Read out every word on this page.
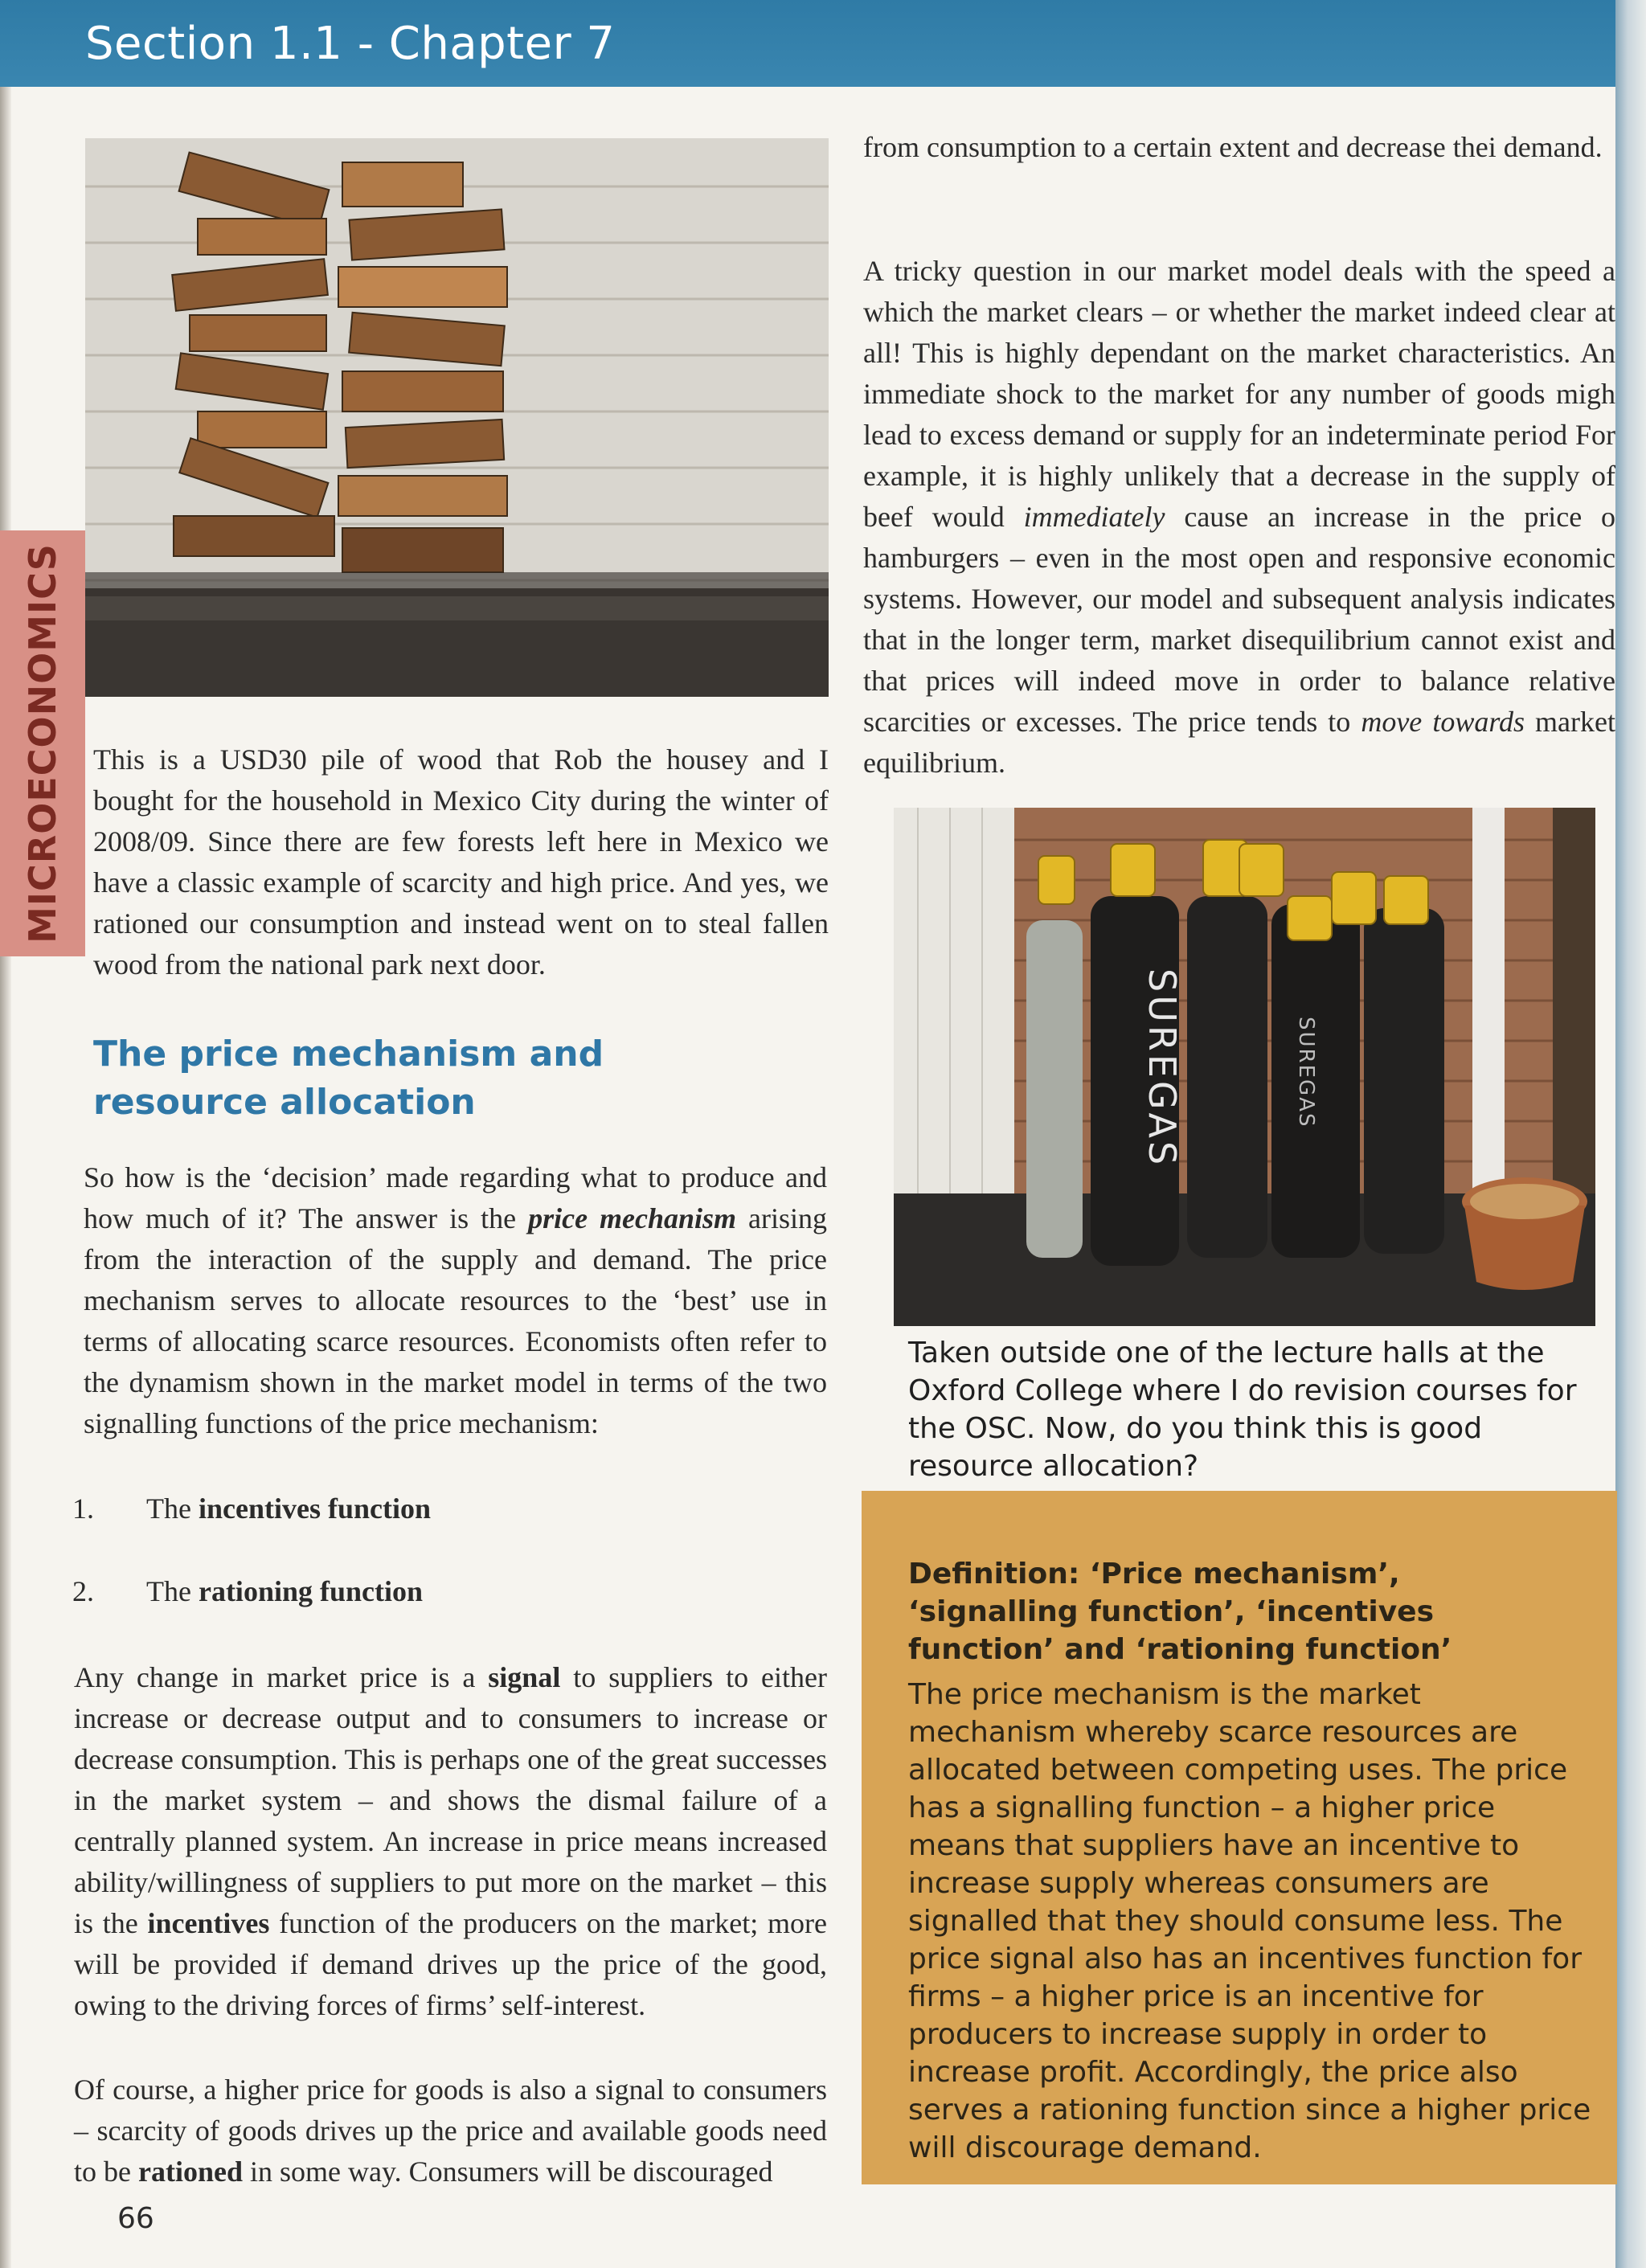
Section 1.1 - Chapter 7
MICROECONOMICS This is a USD30 pile of wood that Rob the housey and I bought for the household in Mexico City during the winter of 2008/09. Since there are few forests left here in Mexico we have a classic example of scarcity and high price. And yes, we rationed our consumption and instead went on to steal fallen wood from the national park next door.
The price mechanism and resource allocation
So how is the ‘decision’ made regarding what to produce and how much of it? The answer is the price mechanism arising from the interaction of the supply and demand. The price mechanism serves to allocate resources to the ‘best’ use in terms of allocating scarce resources. Economists often refer to the dynamism shown in the market model in terms of the two signalling functions of the price mechanism:
1. The incentives function
2. The rationing function
Any change in market price is a signal to suppliers to either increase or decrease output and to consumers to increase or decrease consumption. This is perhaps one of the great successes in the market system – and shows the dismal failure of a centrally planned system. An increase in price means increased ability/willingness of suppliers to put more on the market – this is the incentives function of the producers on the market; more will be provided if demand drives up the price of the good, owing to the driving forces of firms’ self-interest.
Of course, a higher price for goods is also a signal to consumers – scarcity of goods drives up the price and available goods need to be rationed in some way. Consumers will be discouraged
from consumption to a certain extent and decrease thei demand.
A tricky question in our market model deals with the speed a which the market clears – or whether the market indeed clear at all! This is highly dependant on the market characteristics. An immediate shock to the market for any number of goods migh lead to excess demand or supply for an indeterminate period For example, it is highly unlikely that a decrease in the supply of beef would immediately cause an increase in the price o hamburgers – even in the most open and responsive economic systems. However, our model and subsequent analysis indicates that in the longer term, market disequilibrium cannot exist and that prices will indeed move in order to balance relative scarcities or excesses. The price tends to move towards market equilibrium.
SUREGAS	SUREGAS
Taken outside one of the lecture halls at the Oxford College where I do revision courses for the OSC. Now, do you think this is good resource allocation?
Definition: ‘Price mechanism’, ‘signalling function’, ‘incentives function’ and ‘rationing function’
The price mechanism is the market mechanism whereby scarce resources are allocated between competing uses. The price has a signalling function – a higher price means that suppliers have an incentive to increase supply whereas consumers are signalled that they should consume less. The price signal also has an incentives function for firms – a higher price is an incentive for producers to increase supply in order to increase profit. Accordingly, the price also serves a rationing function since a higher price will discourage demand.
66
